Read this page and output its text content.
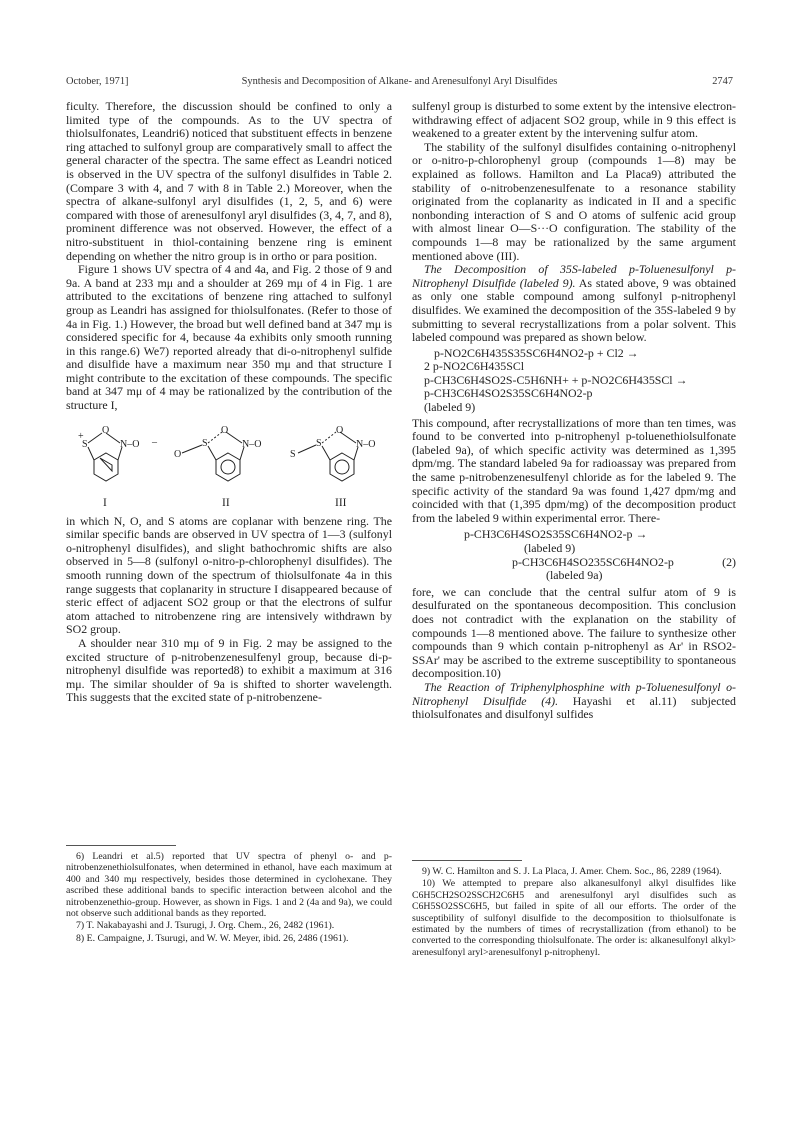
October, 1971]	Synthesis and Decomposition of Alkane- and Arenesulfonyl Aryl Disulfides	2747

ficulty. Therefore, the discussion should be confined to only a limited type of the compounds. As to the UV spectra of thiolsulfonates, Leandri6) noticed that substituent effects in benzene ring attached to sulfonyl group are comparatively small to affect the general character of the spectra. The same effect as Leandri noticed is observed in the UV spectra of the sulfonyl disulfides in Table 2. (Compare 3 with 4, and 7 with 8 in Table 2.) Moreover, when the spectra of alkane-sulfonyl aryl disulfides (1, 2, 5, and 6) were compared with those of arenesulfonyl aryl disulfides (3, 4, 7, and 8), prominent difference was not observed. However, the effect of a nitro-substituent in thiol-containing benzene ring is eminent depending on whether the nitro group is in ortho or para position.

Figure 1 shows UV spectra of 4 and 4a, and Fig. 2 those of 9 and 9a. A band at 233 mμ and a shoulder at 269 mμ of 4 in Fig. 1 are attributed to the excitations of benzene ring attached to sulfonyl group as Leandri has assigned for thiolsulfonates. (Refer to those of 4a in Fig. 1.) However, the broad but well defined band at 347 mμ is considered specific for 4, because 4a exhibits only smooth running in this range.6) We7) reported already that di-o-nitrophenyl sulfide and disulfide have a maximum near 350 mμ and that structure I might contribute to the excitation of these compounds. The specific band at 347 mμ of 4 may be rationalized by the contribution of the structure I,

O
S
+
N–O –
O
S	N–O
O
O
S	N–O
S
I	II	III

in which N, O, and S atoms are coplanar with benzene ring. The similar specific bands are observed in UV spectra of 1—3 (sulfonyl o-nitrophenyl disulfides), and slight bathochromic shifts are also observed in 5—8 (sulfonyl o-nitro-p-chlorophenyl disulfides). The smooth running down of the spectrum of thiolsulfonate 4a in this range suggests that coplanarity in structure I disappeared because of steric effect of adjacent SO2 group or that the electrons of sulfur atom attached to nitrobenzene ring are intensively withdrawn by SO2 group.

A shoulder near 310 mμ of 9 in Fig. 2 may be assigned to the excited structure of p-nitrobenzenesulfenyl group, because di-p-nitrophenyl disulfide was reported8) to exhibit a maximum at 316 mμ. The similar shoulder of 9a is shifted to shorter wavelength. This suggests that the excited state of p-nitrobenzene-

sulfenyl group is disturbed to some extent by the intensive electron-withdrawing effect of adjacent SO2 group, while in 9 this effect is weakened to a greater extent by the intervening sulfur atom.

The stability of the sulfonyl disulfides containing o-nitrophenyl or o-nitro-p-chlorophenyl group (compounds 1—8) may be explained as follows. Hamilton and La Placa9) attributed the stability of o-nitrobenzenesulfenate to a resonance stability originated from the coplanarity as indicated in II and a specific nonbonding interaction of S and O atoms of sulfenic acid group with almost linear O—S···O configuration. The stability of the compounds 1—8 may be rationalized by the same argument mentioned above (III).

The Decomposition of 35S-labeled p-Toluenesulfonyl p-Nitrophenyl Disulfide (labeled 9). As stated above, 9 was obtained as only one stable compound among sulfonyl p-nitrophenyl disulfides. We examined the decomposition of the 35S-labeled 9 by submitting to several recrystallizations from a polar solvent. This labeled compound was prepared as shown below.

p-NO2C6H435S35SC6H4NO2-p + Cl2 →

2 p-NO2C6H435SCl

p-CH3C6H4SO2S-C5H6NH+ + p-NO2C6H435SCl →

p-CH3C6H4SO2S35SC6H4NO2-p

(labeled 9)

This compound, after recrystallizations of more than ten times, was found to be converted into p-nitrophenyl p-toluenethiolsulfonate (labeled 9a), of which specific activity was determined as 1,395 dpm/mg. The standard labeled 9a for radioassay was prepared from the same p-nitrobenzenesulfenyl chloride as for the labeled 9. The specific activity of the standard 9a was found 1,427 dpm/mg and coincided with that (1,395 dpm/mg) of the decomposition product from the labeled 9 within experimental error. There-

p-CH3C6H4SO2S35SC6H4NO2-p →

(labeled 9)

p-CH3C6H4SO235SC6H4NO2-p	(2)

(labeled 9a)

fore, we can conclude that the central sulfur atom of 9 is desulfurated on the spontaneous decomposition. This conclusion does not contradict with the explanation on the stability of compounds 1—8 mentioned above. The failure to synthesize other compounds than 9 which contain p-nitrophenyl as Ar' in RSO2-SSAr' may be ascribed to the extreme susceptibility to spontaneous decomposition.10)

The Reaction of Triphenylphosphine with p-Toluenesulfonyl o-Nitrophenyl Disulfide (4). Hayashi et al.11) subjected thiolsulfonates and disulfonyl sulfides

6) Leandri et al.5) reported that UV spectra of phenyl o- and p-nitrobenzenethiolsulfonates, when determined in ethanol, have each maximum at 400 and 340 mμ respectively, besides those determined in cyclohexane. They ascribed these additional bands to specific interaction between alcohol and the nitrobenzenethio-group. However, as shown in Figs. 1 and 2 (4a and 9a), we could not observe such additional bands as they reported.

7) T. Nakabayashi and J. Tsurugi, J. Org. Chem., 26, 2482 (1961).

8) E. Campaigne, J. Tsurugi, and W. W. Meyer, ibid. 26, 2486 (1961).

9) W. C. Hamilton and S. J. La Placa, J. Amer. Chem. Soc., 86, 2289 (1964).

10) We attempted to prepare also alkanesulfonyl alkyl disulfides like C6H5CH2SO2SSCH2C6H5 and arenesulfonyl aryl disulfides such as C6H5SO2SSC6H5, but failed in spite of all our efforts. The order of the susceptibility of sulfonyl disulfide to the decomposition to thiolsulfonate is estimated by the numbers of times of recrystallization (from ethanol) to be converted to the corresponding thiolsulfonate. The order is: alkanesulfonyl alkyl> arenesulfonyl aryl>arenesulfonyl p-nitrophenyl.
